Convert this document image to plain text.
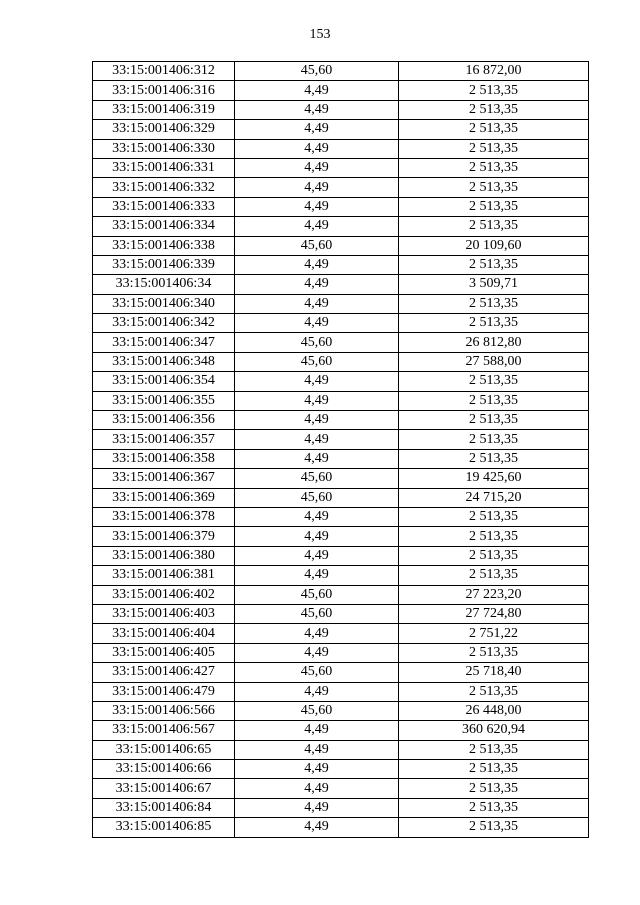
153
33:15:001406:312	45,60	16 872,00
33:15:001406:316	4,49	2 513,35
33:15:001406:319	4,49	2 513,35
33:15:001406:329	4,49	2 513,35
33:15:001406:330	4,49	2 513,35
33:15:001406:331	4,49	2 513,35
33:15:001406:332	4,49	2 513,35
33:15:001406:333	4,49	2 513,35
33:15:001406:334	4,49	2 513,35
33:15:001406:338	45,60	20 109,60
33:15:001406:339	4,49	2 513,35
33:15:001406:34	4,49	3 509,71
33:15:001406:340	4,49	2 513,35
33:15:001406:342	4,49	2 513,35
33:15:001406:347	45,60	26 812,80
33:15:001406:348	45,60	27 588,00
33:15:001406:354	4,49	2 513,35
33:15:001406:355	4,49	2 513,35
33:15:001406:356	4,49	2 513,35
33:15:001406:357	4,49	2 513,35
33:15:001406:358	4,49	2 513,35
33:15:001406:367	45,60	19 425,60
33:15:001406:369	45,60	24 715,20
33:15:001406:378	4,49	2 513,35
33:15:001406:379	4,49	2 513,35
33:15:001406:380	4,49	2 513,35
33:15:001406:381	4,49	2 513,35
33:15:001406:402	45,60	27 223,20
33:15:001406:403	45,60	27 724,80
33:15:001406:404	4,49	2 751,22
33:15:001406:405	4,49	2 513,35
33:15:001406:427	45,60	25 718,40
33:15:001406:479	4,49	2 513,35
33:15:001406:566	45,60	26 448,00
33:15:001406:567	4,49	360 620,94
33:15:001406:65	4,49	2 513,35
33:15:001406:66	4,49	2 513,35
33:15:001406:67	4,49	2 513,35
33:15:001406:84	4,49	2 513,35
33:15:001406:85	4,49	2 513,35
